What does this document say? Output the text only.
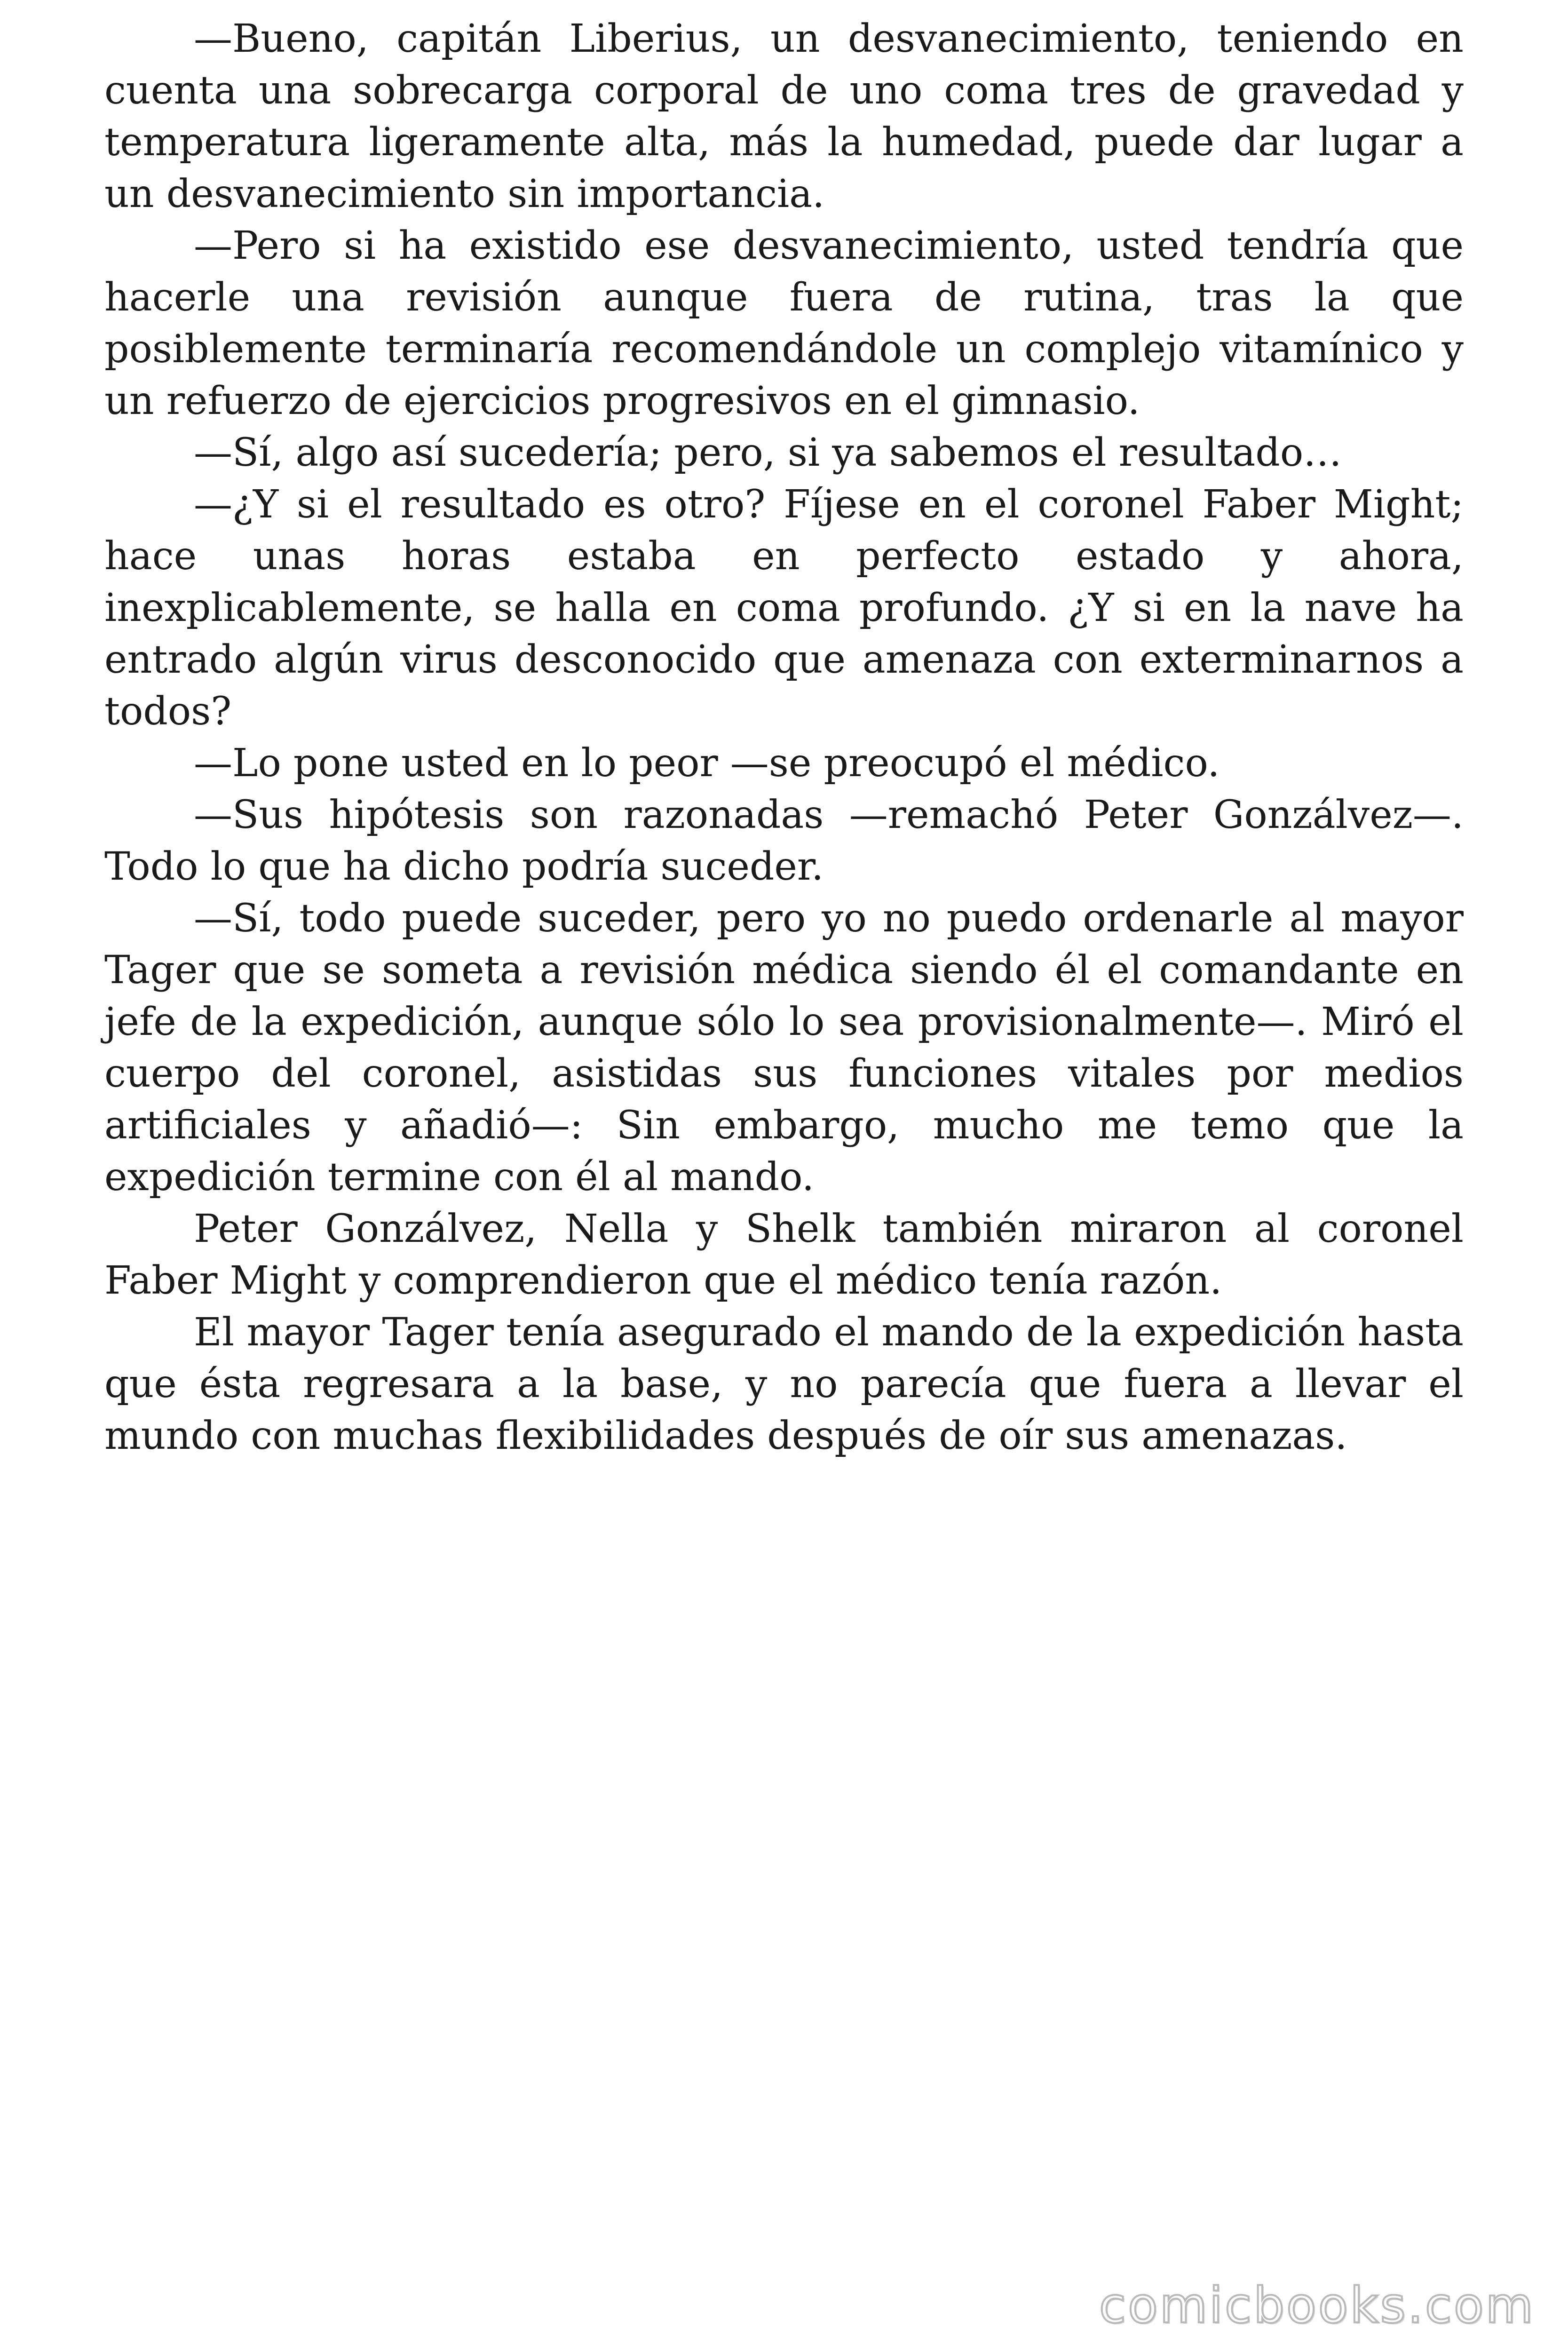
—Bueno, capitán Liberius, un desvanecimiento, teniendo en cuenta una sobrecarga corporal de uno coma tres de gravedad y temperatura ligeramente alta, más la humedad, puede dar lugar a un desvanecimiento sin importancia.

—Pero si ha existido ese desvanecimiento, usted tendría que hacerle una revisión aunque fuera de rutina, tras la que posiblemente terminaría recomendándole un complejo vitamínico y un refuerzo de ejercicios progresivos en el gimnasio.

—Sí, algo así sucedería; pero, si ya sabemos el resultado…

—¿Y si el resultado es otro? Fíjese en el coronel Faber Might; hace unas horas estaba en perfecto estado y ahora, inexplicablemente, se halla en coma profundo. ¿Y si en la nave ha entrado algún virus desconocido que amenaza con exterminarnos a todos?

—Lo pone usted en lo peor —se preocupó el médico.

—Sus hipótesis son razonadas —remachó Peter Gonzálvez—. Todo lo que ha dicho podría suceder.

—Sí, todo puede suceder, pero yo no puedo ordenarle al mayor Tager que se someta a revisión médica siendo él el comandante en jefe de la expedición, aunque sólo lo sea provisionalmente—. Miró el cuerpo del coronel, asistidas sus funciones vitales por medios artificiales y añadió—: Sin embargo, mucho me temo que la expedición termine con él al mando.

Peter Gonzálvez, Nella y Shelk también miraron al coronel Faber Might y comprendieron que el médico tenía razón.

El mayor Tager tenía asegurado el mando de la expedición hasta que ésta regresara a la base, y no parecía que fuera a llevar el mundo con muchas flexibilidades después de oír sus amenazas.

comicbooks.com
